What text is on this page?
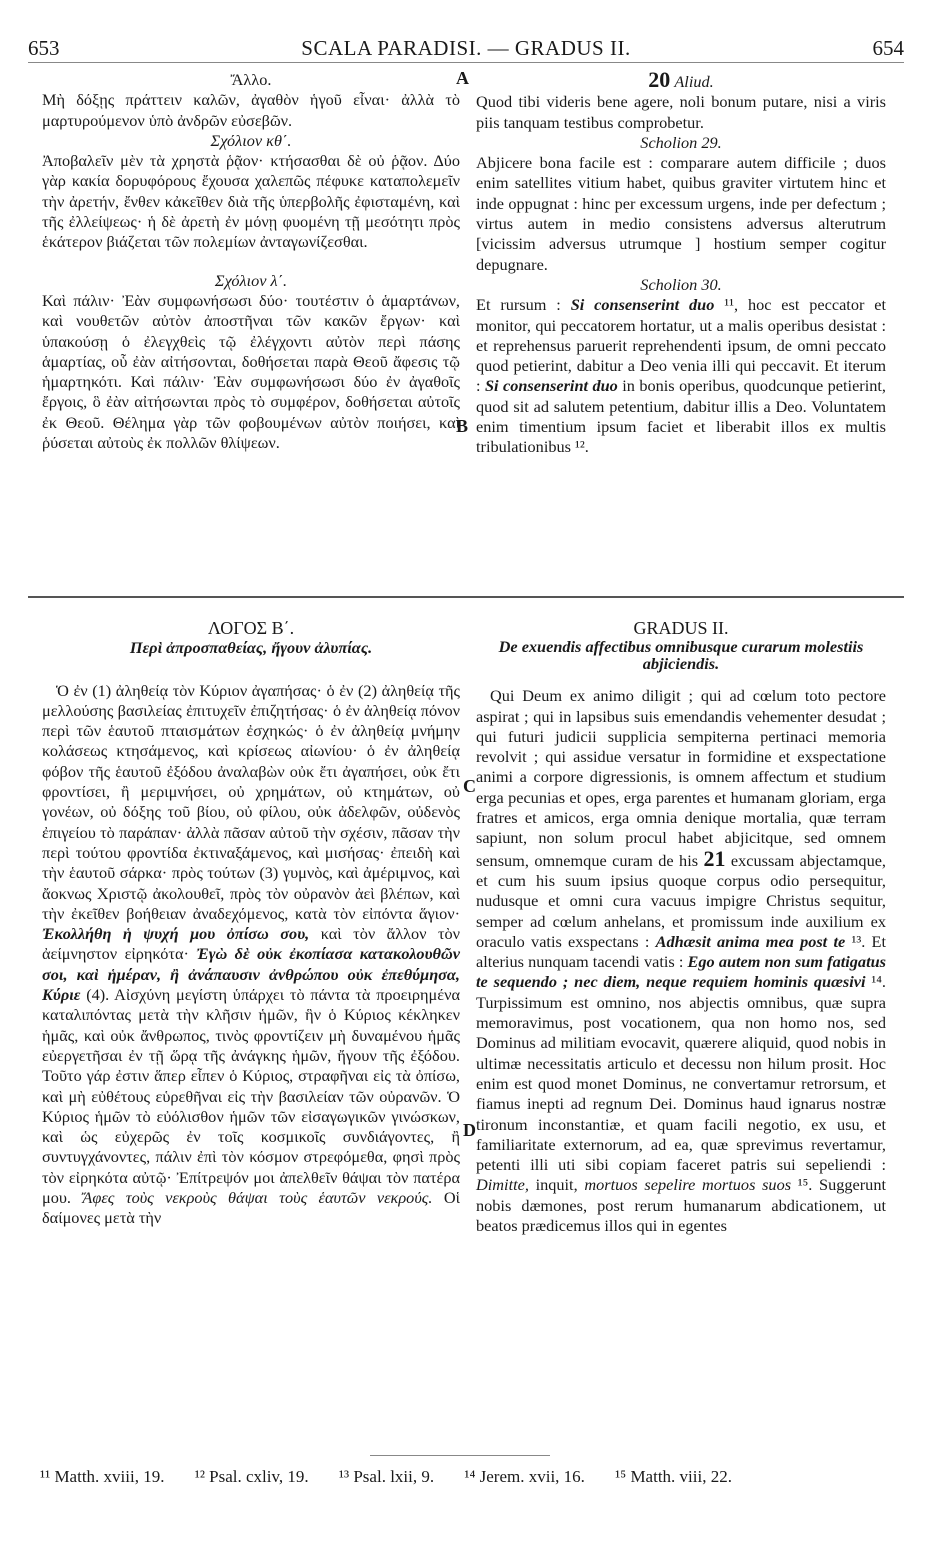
653	SCALA PARADISI. — GRADUS II.	654

Ἄλλο.

Μὴ δόξῃς πράττειν καλῶν, ἀγαθὸν ἡγοῦ εἶναι· ἀλλὰ τὸ μαρτυρούμενον ὑπὸ ἀνδρῶν εὐσεβῶν.

Σχόλιον κθ΄.

Ἀποβαλεῖν μὲν τὰ χρηστὰ ῥᾷον· κτήσασθαι δὲ οὐ ῥᾷον. Δύο γὰρ κακία δορυφόρους ἔχουσα χαλεπῶς πέφυκε καταπολεμεῖν τὴν ἀρετήν, ἔνθεν κἀκεῖθεν διὰ τῆς ὑπερβολῆς ἐφισταμένη, καὶ τῆς ἐλλείψεως· ἡ δὲ ἀρετὴ ἐν μόνῃ φυομένη τῇ μεσότητι πρὸς ἑκάτερον βιάζεται τῶν πολεμίων ἀνταγωνίζεσθαι.

Σχόλιον λ΄.

Καὶ πάλιν· Ἐὰν συμφωνήσωσι δύο· τουτέστιν ὁ ἁμαρτάνων, καὶ νουθετῶν αὐτὸν ἀποστῆναι τῶν κακῶν ἔργων· καὶ ὑπακούσῃ ὁ ἐλεγχθεὶς τῷ ἐλέγχοντι αὐτὸν περὶ πάσης ἁμαρτίας, οὗ ἐὰν αἰτήσονται, δοθήσεται παρὰ Θεοῦ ἄφεσις τῷ ἡμαρτηκότι. Καὶ πάλιν· Ἐὰν συμφωνήσωσι δύο ἐν ἀγαθοῖς ἔργοις, ὃ ἐὰν αἰτήσωνται πρὸς τὸ συμφέρον, δοθήσεται αὐτοῖς ἐκ Θεοῦ. Θέλημα γὰρ τῶν φοβουμένων αὐτὸν ποιήσει, καὶ ῥύσεται αὐτοὺς ἐκ πολλῶν θλίψεων.

A	20 Aliud.

Quod tibi videris bene agere, noli bonum putare, nisi a viris piis tanquam testibus comprobetur.

Scholion 29.

Abjicere bona facile est : comparare autem difficile ; duos enim satellites vitium habet, quibus graviter virtutem hinc et inde oppugnat : hinc per excessum urgens, inde per defectum ; virtus autem in medio consistens adversus alterutrum [vicissim adversus utrumque ] hostium semper cogitur depugnare.

Scholion 30.

Et rursum : Si consenserint duo ¹¹, hoc est peccator et monitor, qui peccatorem hortatur, ut a malis operibus desistat : et reprehensus paruerit reprehendenti ipsum, de omni peccato quod petierint, dabitur a Deo venia illi qui peccavit. Et iterum : Si consenserint duo in bonis operibus, quodcunque petierint, quod sit ad salutem petentium, dabitur illis a Deo. Voluntatem enim timentium ipsum faciet et liberabit illos ex multis tribulationibus ¹².

B

ΛΟΓΟΣ Β΄.

Περὶ ἀπροσπαθείας, ἤγουν ἀλυπίας.

Ὁ ἐν (1) ἀληθείᾳ τὸν Κύριον ἀγαπήσας· ὁ ἐν (2) ἀληθείᾳ τῆς μελλούσης βασιλείας ἐπιτυχεῖν ἐπιζητήσας· ὁ ἐν ἀληθείᾳ πόνον περὶ τῶν ἑαυτοῦ πταισμάτων ἐσχηκώς· ὁ ἐν ἀληθείᾳ μνήμην κολάσεως κτησάμενος, καὶ κρίσεως αἰωνίου· ὁ ἐν ἀληθείᾳ φόβον τῆς ἑαυτοῦ ἐξόδου ἀναλαβὼν οὐκ ἔτι ἀγαπήσει, οὐκ ἔτι φροντίσει, ἢ μεριμνήσει, οὐ χρημάτων, οὐ κτημάτων, οὐ γονέων, οὐ δόξης τοῦ βίου, οὐ φίλου, οὐκ ἀδελφῶν, οὐδενὸς ἐπιγείου τὸ παράπαν· ἀλλὰ πᾶσαν αὐτοῦ τὴν σχέσιν, πᾶσαν τὴν περὶ τούτου φροντίδα ἐκτιναξάμενος, καὶ μισήσας· ἐπειδὴ καὶ τὴν ἑαυτοῦ σάρκα· πρὸς τούτων (3) γυμνὸς, καὶ ἀμέριμνος, καὶ ἄοκνως Χριστῷ ἀκολουθεῖ, πρὸς τὸν οὐρανὸν ἀεὶ βλέπων, καὶ τὴν ἐκεῖθεν βοήθειαν ἀναδεχόμενος, κατὰ τὸν εἰπόντα ἅγιον· Ἐκολλήθη ἡ ψυχή μου ὀπίσω σου, καὶ τὸν ἄλλον τὸν ἀείμνηστον εἰρηκότα· Ἐγὼ δὲ οὐκ ἐκοπίασα κατακολουθῶν σοι, καὶ ἡμέραν, ἢ ἀνάπαυσιν ἀνθρώπου οὐκ ἐπεθύμησα, Κύριε (4). Αἰσχύνη μεγίστη ὑπάρχει τὸ πάντα τὰ προειρημένα καταλιπόντας μετὰ τὴν κλῆσιν ἡμῶν, ἣν ὁ Κύριος κέκληκεν ἡμᾶς, καὶ οὐκ ἄνθρωπος, τινὸς φροντίζειν μὴ δυναμένου ἡμᾶς εὐεργετῆσαι ἐν τῇ ὥρᾳ τῆς ἀνάγκης ἡμῶν, ἤγουν τῆς ἐξόδου. Τοῦτο γάρ ἐστιν ἅπερ εἶπεν ὁ Κύριος, στραφῆναι εἰς τὰ ὀπίσω, καὶ μὴ εὐθέτους εὑρεθῆναι εἰς τὴν βασιλείαν τῶν οὐρανῶν. Ὁ Κύριος ἡμῶν τὸ εὐόλισθον ἡμῶν τῶν εἰσαγωγικῶν γινώσκων, καὶ ὡς εὐχερῶς ἐν τοῖς κοσμικοῖς συνδιάγοντες, ἢ συντυγχάνοντες, πάλιν ἐπὶ τὸν κόσμον στρεφόμεθα, φησὶ πρὸς τὸν εἰρηκότα αὐτῷ· Ἐπίτρεψόν μοι ἀπελθεῖν θάψαι τὸν πατέρα μου. Ἄφες τοὺς νεκροὺς θάψαι τοὺς ἑαυτῶν νεκρούς. Οἱ δαίμονες μετὰ τὴν

C
D

GRADUS II.

De exuendis affectibus omnibusque curarum molestiis abjiciendis.

Qui Deum ex animo diligit ; qui ad cœlum toto pectore aspirat ; qui in lapsibus suis emendandis vehementer desudat ; qui futuri judicii supplicia sempiterna pertinaci memoria revolvit ; qui assidue versatur in formidine et exspectatione animi a corpore digressionis, is omnem affectum et studium erga pecunias et opes, erga parentes et humanam gloriam, erga fratres et amicos, erga omnia denique mortalia, quæ terram sapiunt, non solum procul habet abjicitque, sed omnem sensum, omnemque curam de his 21 excussam abjectamque, et cum his suum ipsius quoque corpus odio persequitur, nudusque et omni cura vacuus impigre Christus sequitur, semper ad cœlum anhelans, et promissum inde auxilium ex oraculo vatis exspectans : Adhæsit anima mea post te ¹³. Et alterius nunquam tacendi vatis : Ego autem non sum fatigatus te sequendo ; nec diem, neque requiem hominis quæsivi ¹⁴. Turpissimum est omnino, nos abjectis omnibus, quæ supra memoravimus, post vocationem, qua non homo nos, sed Dominus ad militiam evocavit, quærere aliquid, quod nobis in ultimæ necessitatis articulo et decessu non hilum prosit. Hoc enim est quod monet Dominus, ne convertamur retrorsum, et fiamus inepti ad regnum Dei. Dominus haud ignarus nostræ tironum inconstantiæ, et quam facili negotio, ex usu, et familiaritate externorum, ad ea, quæ sprevimus revertamur, petenti illi uti sibi copiam faceret patris sui sepeliendi : Dimitte, inquit, mortuos sepelire mortuos suos ¹⁵. Suggerunt nobis dæmones, post rerum humanarum abdicationem, ut beatos prædicemus illos qui in egentes

¹¹ Matth. xviii, 19. ¹² Psal. cxliv, 19. ¹³ Psal. lxii, 9. ¹⁴ Jerem. xvii, 16. ¹⁵ Matth. viii, 22.
